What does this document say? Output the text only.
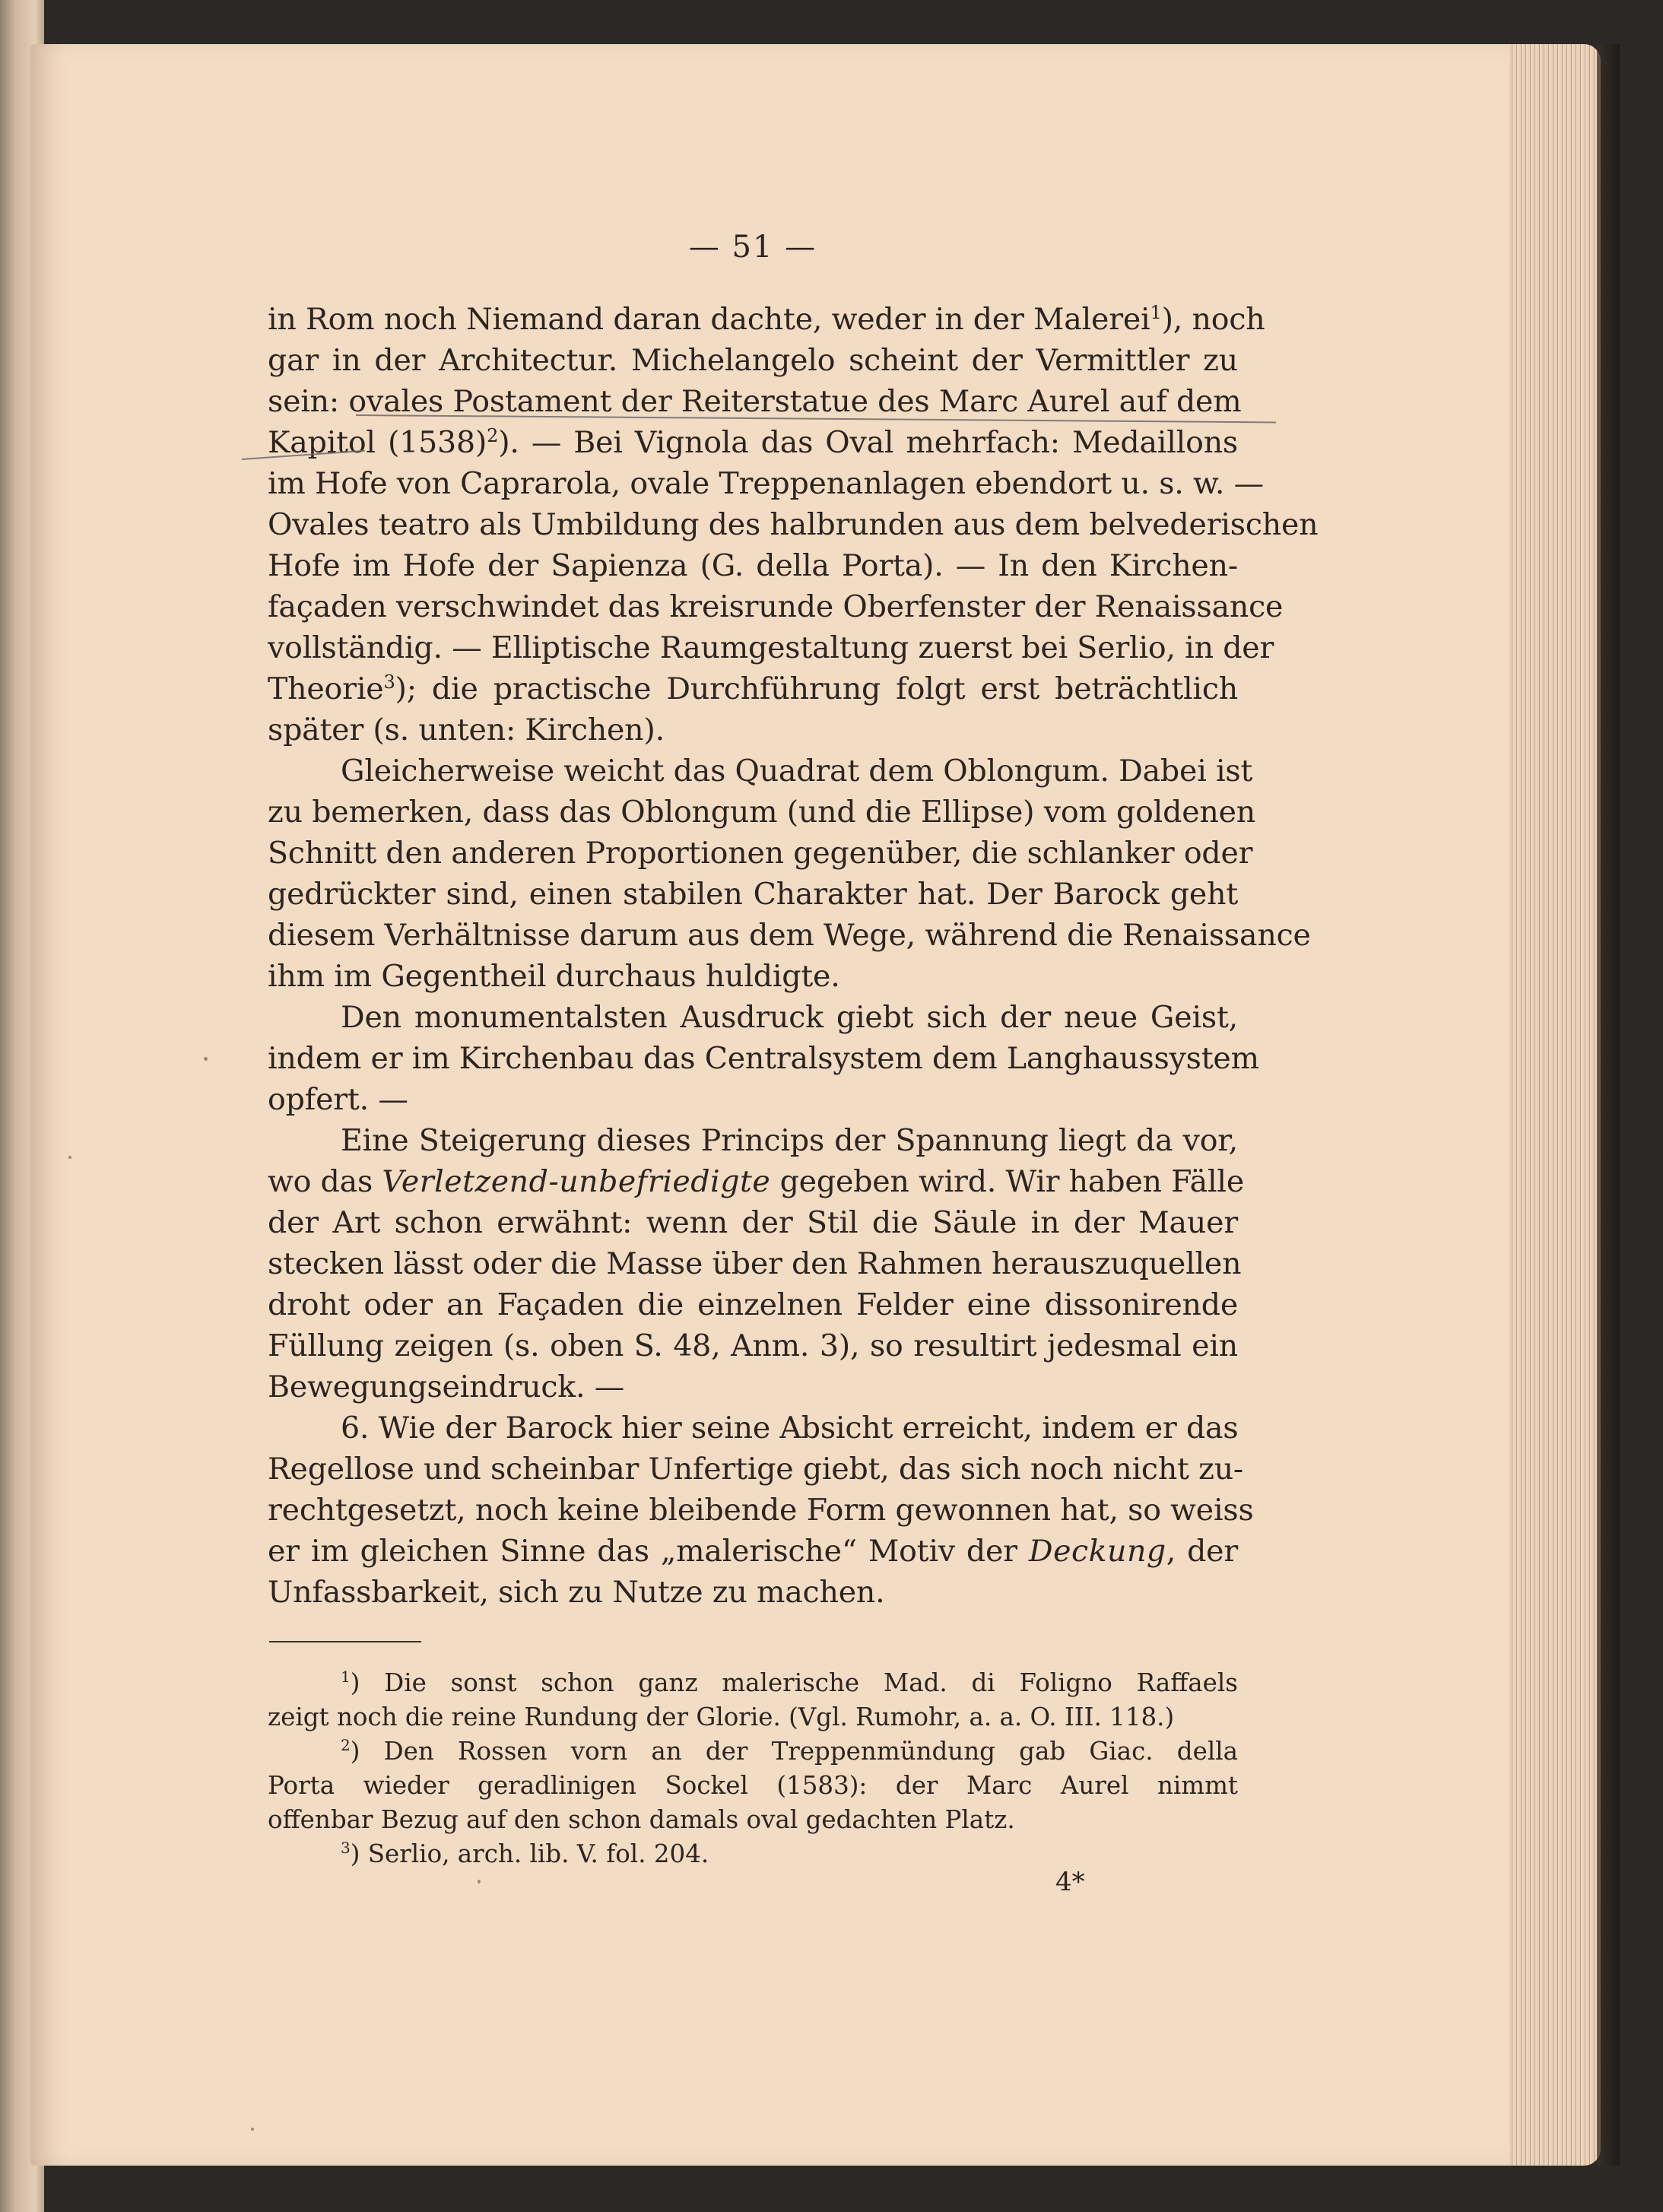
— 51 —
in Rom noch Niemand daran dachte, weder in der Malerei$^1$), noch
gar in der Architectur. Michelangelo scheint der Vermittler zu
sein: ovales Postament der Reiterstatue des Marc Aurel auf dem
Kapitol $(1538)^2$). — Bei Vignola das Oval mehrfach: Medaillons
im Hofe von Caprarola, ovale Treppenanlagen ebendort u. s. w. —
Ovales teatro als Umbildung des halbrunden aus dem belvederischen
Hofe im Hofe der Sapienza (G. della Porta). — In den Kirchen-
façaden verschwindet das kreisrunde Oberfenster der Renaissance
vollständig. — Elliptische Raumgestaltung zuerst bei Serlio, in der
Theorie$^3$); die practische Durchführung folgt erst beträchtlich
später (s. unten: Kirchen).
Gleicherweise weicht das Quadrat dem Oblongum. Dabei ist
zu bemerken, dass das Oblongum (und die Ellipse) vom goldenen
Schnitt den anderen Proportionen gegenüber, die schlanker oder
gedrückter sind, einen stabilen Charakter hat. Der Barock geht
diesem Verhältnisse darum aus dem Wege, während die Renaissance
ihm im Gegentheil durchaus huldigte.
Den monumentalsten Ausdruck giebt sich der neue Geist,
indem er im Kirchenbau das Centralsystem dem Langhaussystem
opfert. —
Eine Steigerung dieses Princips der Spannung liegt da vor,
wo das Verletzend-unbefriedigte gegeben wird. Wir haben Fälle
der Art schon erwähnt: wenn der Stil die Säule in der Mauer
stecken lässt oder die Masse über den Rahmen herauszuquellen
droht oder an Façaden die einzelnen Felder eine dissonirende
Füllung zeigen (s. oben S. 48, Anm. 3), so resultirt jedesmal ein
Bewegungseindruck. —
6. Wie der Barock hier seine Absicht erreicht, indem er das
Regellose und scheinbar Unfertige giebt, das sich noch nicht zu-
rechtgesetzt, noch keine bleibende Form gewonnen hat, so weiss
er im gleichen Sinne das „malerische“ Motiv der Deckung, der
Unfassbarkeit, sich zu Nutze zu machen.
$^1$) Die sonst schon ganz malerische Mad. di Foligno Raffaels
zeigt noch die reine Rundung der Glorie. (Vgl. Rumohr, a. a. O. III. 118.)
$^2$) Den Rossen vorn an der Treppenmündung gab Giac. della
Porta wieder geradlinigen Sockel (1583): der Marc Aurel nimmt
offenbar Bezug auf den schon damals oval gedachten Platz.
$^3$) Serlio, arch. lib. V. fol. 204.
4*
